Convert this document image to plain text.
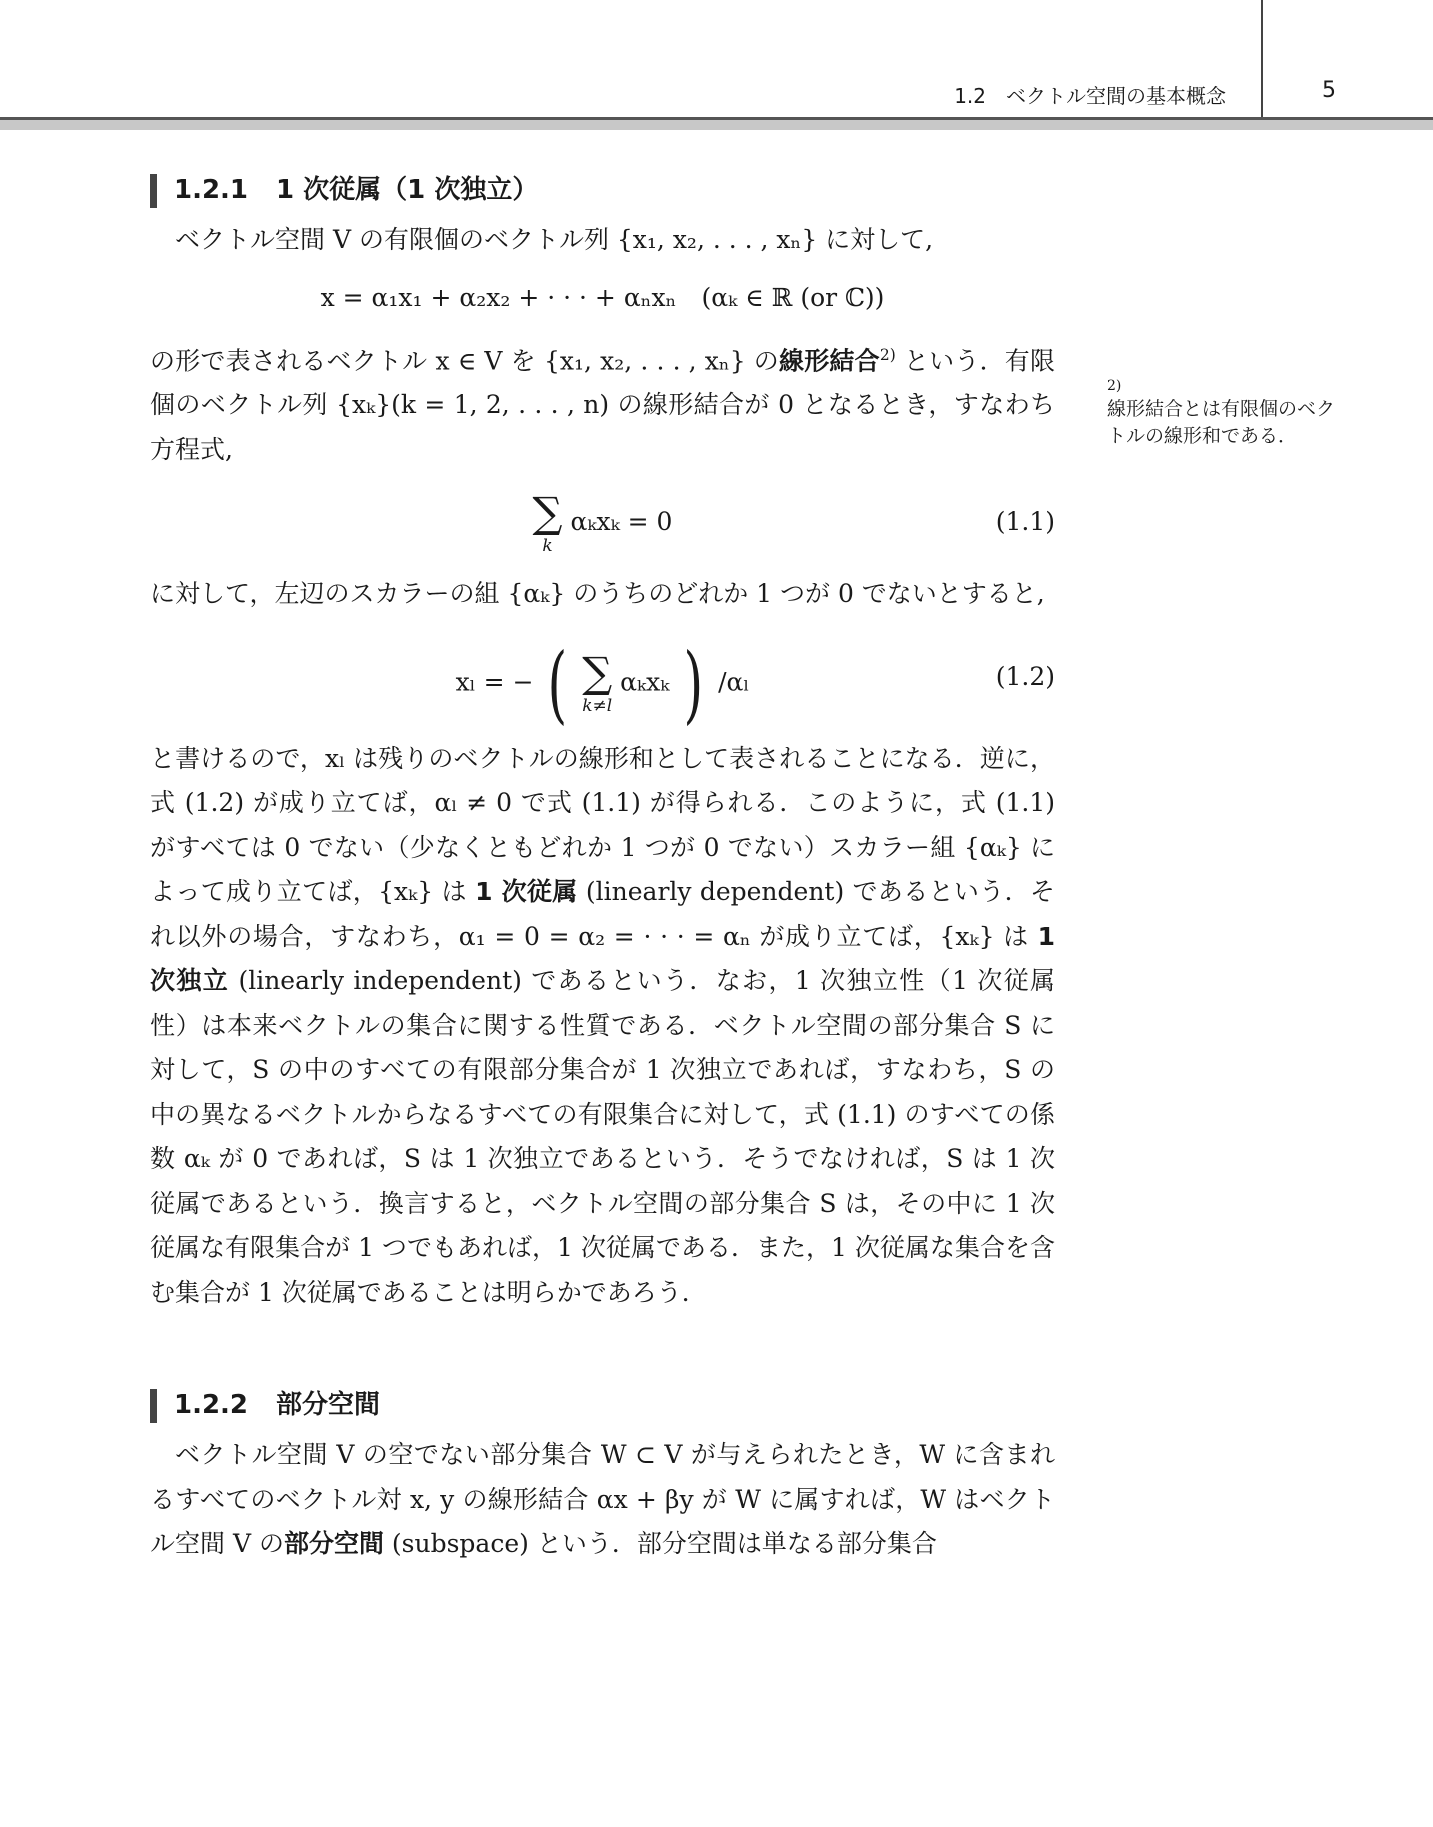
1.2　ベクトル空間の基本概念	5
1.2.1 1 次従属（1 次独立）

ベクトル空間 V の有限個のベクトル列 {x₁, x₂, . . . , xₙ} に対して,

x = α₁x₁ + α₂x₂ + · · · + αₙxₙ　(αₖ ∈ ℝ (or ℂ))

の形で表されるベクトル x ∈ V を {x₁, x₂, . . . , xₙ} の線形結合$^{2)}$ という．有限個のベクトル列 {xₖ}(k = 1, 2, . . . , n) の線形結合が 0 となるとき，すなわち方程式,

∑
k
αₖxₖ = 0	(1.1)

に対して，左辺のスカラーの組 {αₖ} のうちのどれか 1 つが 0 でないとすると,

xₗ = − ( ∑
k≠l
αₖxₖ ) /αₗ	(1.2)

と書けるので，xₗ は残りのベクトルの線形和として表されることになる．逆に，式 (1.2) が成り立てば，αₗ ≠ 0 で式 (1.1) が得られる．このように，式 (1.1) がすべては 0 でない（少なくともどれか 1 つが 0 でない）スカラー組 {αₖ} によって成り立てば，{xₖ} は 1 次従属 (linearly dependent) であるという．それ以外の場合，すなわち，α₁ = 0 = α₂ = · · · = αₙ が成り立てば，{xₖ} は 1 次独立 (linearly independent) であるという．なお，1 次独立性（1 次従属性）は本来ベクトルの集合に関する性質である．ベクトル空間の部分集合 S に対して，S の中のすべての有限部分集合が 1 次独立であれば，すなわち，S の中の異なるベクトルからなるすべての有限集合に対して，式 (1.1) のすべての係数 αₖ が 0 であれば，S は 1 次独立であるという．そうでなければ，S は 1 次従属であるという．換言すると，ベクトル空間の部分集合 S は，その中に 1 次従属な有限集合が 1 つでもあれば，1 次従属である．また，1 次従属な集合を含む集合が 1 次従属であることは明らかであろう．

1.2.2 部分空間

ベクトル空間 V の空でない部分集合 W ⊂ V が与えられたとき，W に含まれるすべてのベクトル対 x, y の線形結合 αx + βy が W に属すれば，W はベクトル空間 V の部分空間 (subspace) という．部分空間は単なる部分集合

2)
線形結合とは有限個のベクトルの線形和である．
